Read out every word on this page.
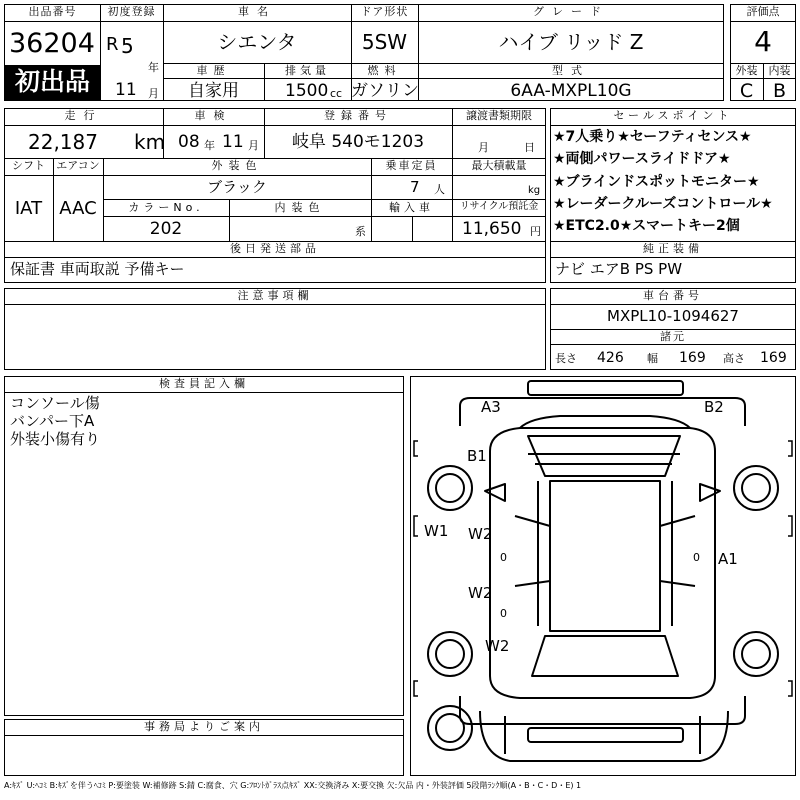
出品番号
36204
初出品
初度登録
R 5
年
11 月
車名
シエンタ
ドア形状
5SW
グレード
ハイブ リッド Z
車歴
自家用
排気量
1500 cc
燃料
ガソリン
型式
6AA-MXPL10G
評価点
4
外装	内装
C	B
走行
22,187 km
車検
08 年 11 月
登録番号
岐阜 540モ1203
譲渡書類期限
月	日
シフト	エアコン
IAT AAC
外装色
ブラック
乗車定員
7 人
最大積載量
kg
カラーNo.
202
内装色
系
輸入車	リサイクル預託金
11,650 円
セールスポイント
★7人乗り★セーフティセンス★
★両側パワースライドドア★
★ブラインドスポットモニター★
★レーダークルーズコントロール★
★ETC2.0★スマートキー2個
後日発送部品
保証書 車両取説 予備キー
純正装備
ナビ エアB PS PW
注意事項欄	車台番号
MXPL10-1094627
諸元
長さ 426 幅 169 高さ 169
検査員記入欄
コンソール傷
バンパー下A
外装小傷有り
事務局よりご案内
A3	B2
B1
W1 W2
W2
W2
A1
0
0
0
A:ｷｽﾞ U:ﾍｺﾐ B:ｷｽﾞを伴うﾍｺﾐ P:要塗装 W:補修跡 S:錆 C:腐食、穴 G:ﾌﾛﾝﾄｶﾞﾗｽ点ｷｽﾞ XX:交換済み X:要交換 欠:欠品 内・外装評価 5段階ﾗﾝｸ順(A・B・C・D・E) 1
